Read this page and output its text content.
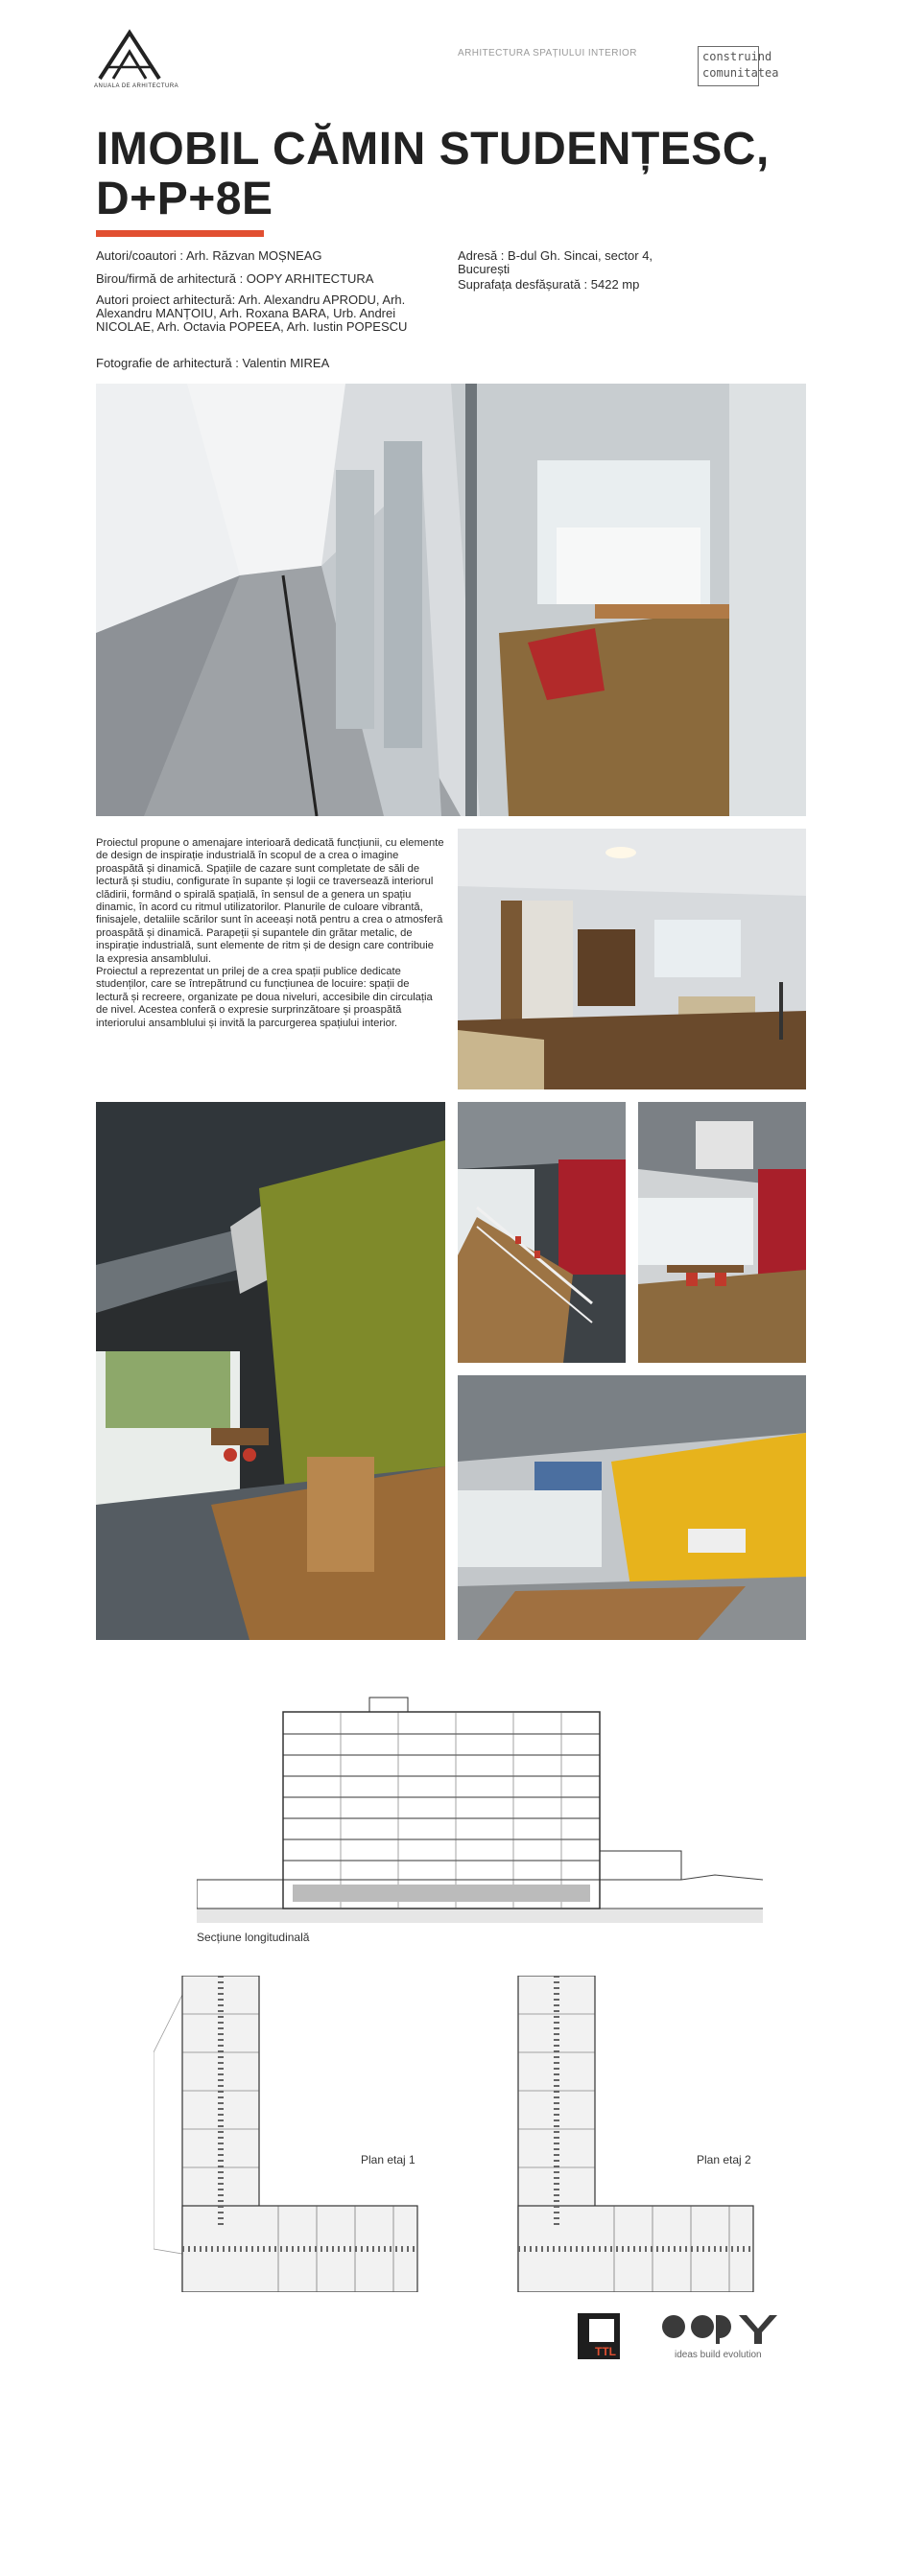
ANUALA DE ARHITECTURA
ARHITECTURA SPAȚIULUI INTERIOR	construind
comunitatea
IMOBIL CĂMIN STUDENȚESC, D+P+8E
Autori/coautori : Arh. Răzvan MOȘNEAG
Birou/firmă de arhitectură : OOPY ARHITECTURA
Autori proiect arhitectură: Arh. Alexandru APRODU, Arh. Alexandru MANȚOIU, Arh. Roxana BARA, Urb. Andrei NICOLAE, Arh. Octavia POPEEA, Arh. Iustin POPESCU
Fotografie de arhitectură : Valentin MIREA
Adresă : B-dul Gh. Sincai, sector 4, București
Suprafața desfășurată : 5422 mp

Proiectul propune o amenajare interioară dedicată funcțiunii, cu elemente de design de inspirație industrială în scopul de a crea o imagine proaspătă și dinamică. Spațiile de cazare sunt completate de săli de lectură și studiu, configurate în supante și logii ce traversează interiorul clădirii, formând o spirală spațială, în sensul de a genera un spațiu dinamic, în acord cu ritmul utilizatorilor. Planurile de culoare vibrantă, finisajele, detaliile scărilor sunt în aceeași notă pentru a crea o atmosferă proaspătă și dinamică. Parapeții și supantele din grătar metalic, de inspirație industrială, sunt elemente de ritm și de design care contribuie la expresia ansamblului.

Proiectul a reprezentat un prilej de a crea spații publice dedicate studenților, care se întrepătrund cu funcțiunea de locuire: spații de lectură și recreere, organizate pe doua niveluri, accesibile din circulația de nivel. Acestea conferă o expresie surprinzătoare și proaspătă interiorului ansamblului și invită la parcurgerea spațiului interior.

Secțiune longitudinală
Plan etaj 1	Plan etaj 2
TTL	ideas build evolution
